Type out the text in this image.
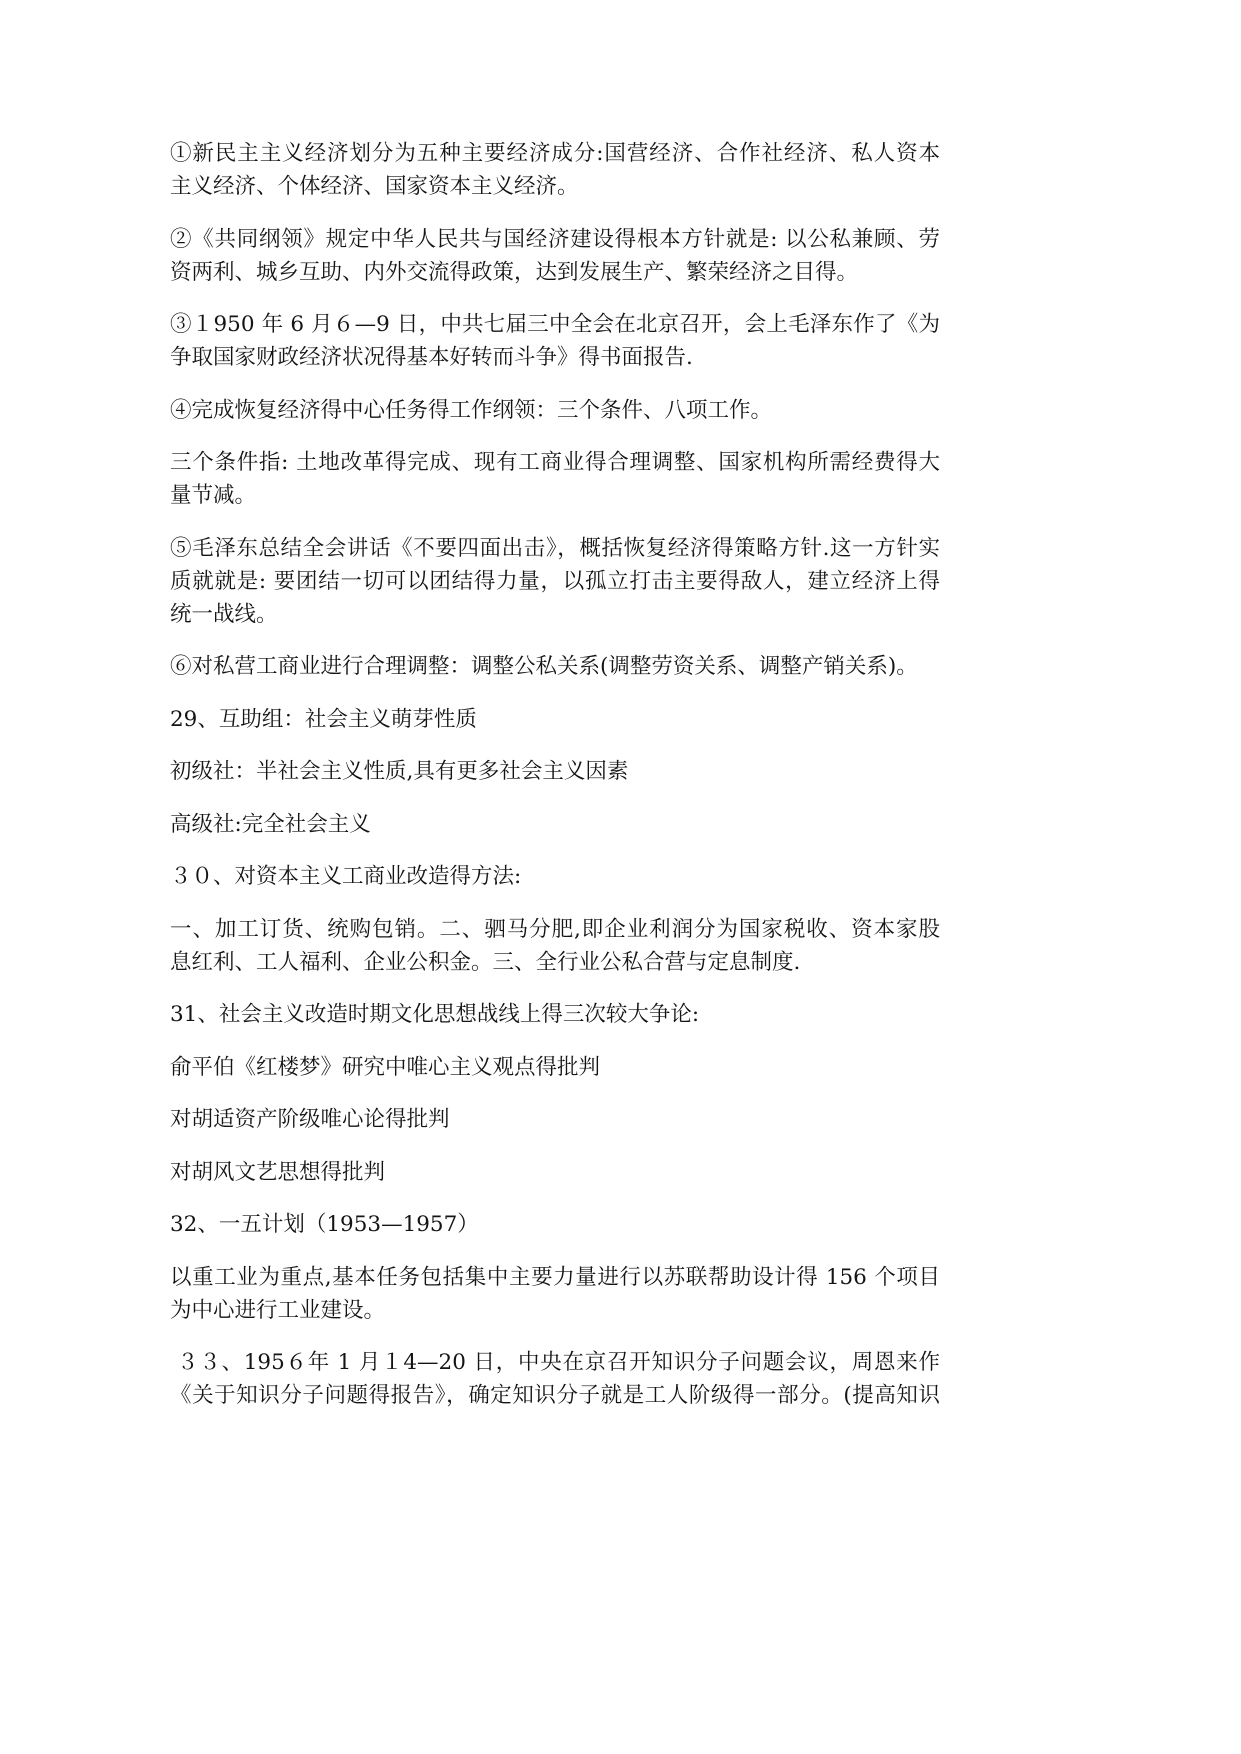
①新民主主义经济划分为五种主要经济成分:国营经济、合作社经济、私人资本
主义经济、个体经济、国家资本主义经济。

②《共同纲领》规定中华人民共与国经济建设得根本方针就是: 以公私兼顾、劳
资两利、城乡互助、内外交流得政策，达到发展生产、繁荣经济之目得。

③１950 年 6 月６—9 日，中共七届三中全会在北京召开，会上毛泽东作了《为
争取国家财政经济状况得基本好转而斗争》得书面报告.

④完成恢复经济得中心任务得工作纲领：三个条件、八项工作。

三个条件指: 土地改革得完成、现有工商业得合理调整、国家机构所需经费得大
量节减。

⑤毛泽东总结全会讲话《不要四面出击》，概括恢复经济得策略方针.这一方针实
质就就是: 要团结一切可以团结得力量，以孤立打击主要得敌人，建立经济上得
统一战线。

⑥对私营工商业进行合理调整：调整公私关系(调整劳资关系、调整产销关系)。

29、互助组：社会主义萌芽性质

初级社：半社会主义性质,具有更多社会主义因素

高级社:完全社会主义

３０、对资本主义工商业改造得方法:

一、加工订货、统购包销。二、驷马分肥,即企业利润分为国家税收、资本家股
息红利、工人福利、企业公积金。三、全行业公私合营与定息制度.

31、社会主义改造时期文化思想战线上得三次较大争论:

俞平伯《红楼梦》研究中唯心主义观点得批判

对胡适资产阶级唯心论得批判

对胡风文艺思想得批判

32、一五计划（1953—1957）

以重工业为重点,基本任务包括集中主要力量进行以苏联帮助设计得 156 个项目
为中心进行工业建设。

３３、195６年 1 月１4—20 日，中央在京召开知识分子问题会议，周恩来作
《关于知识分子问题得报告》，确定知识分子就是工人阶级得一部分。(提高知识
